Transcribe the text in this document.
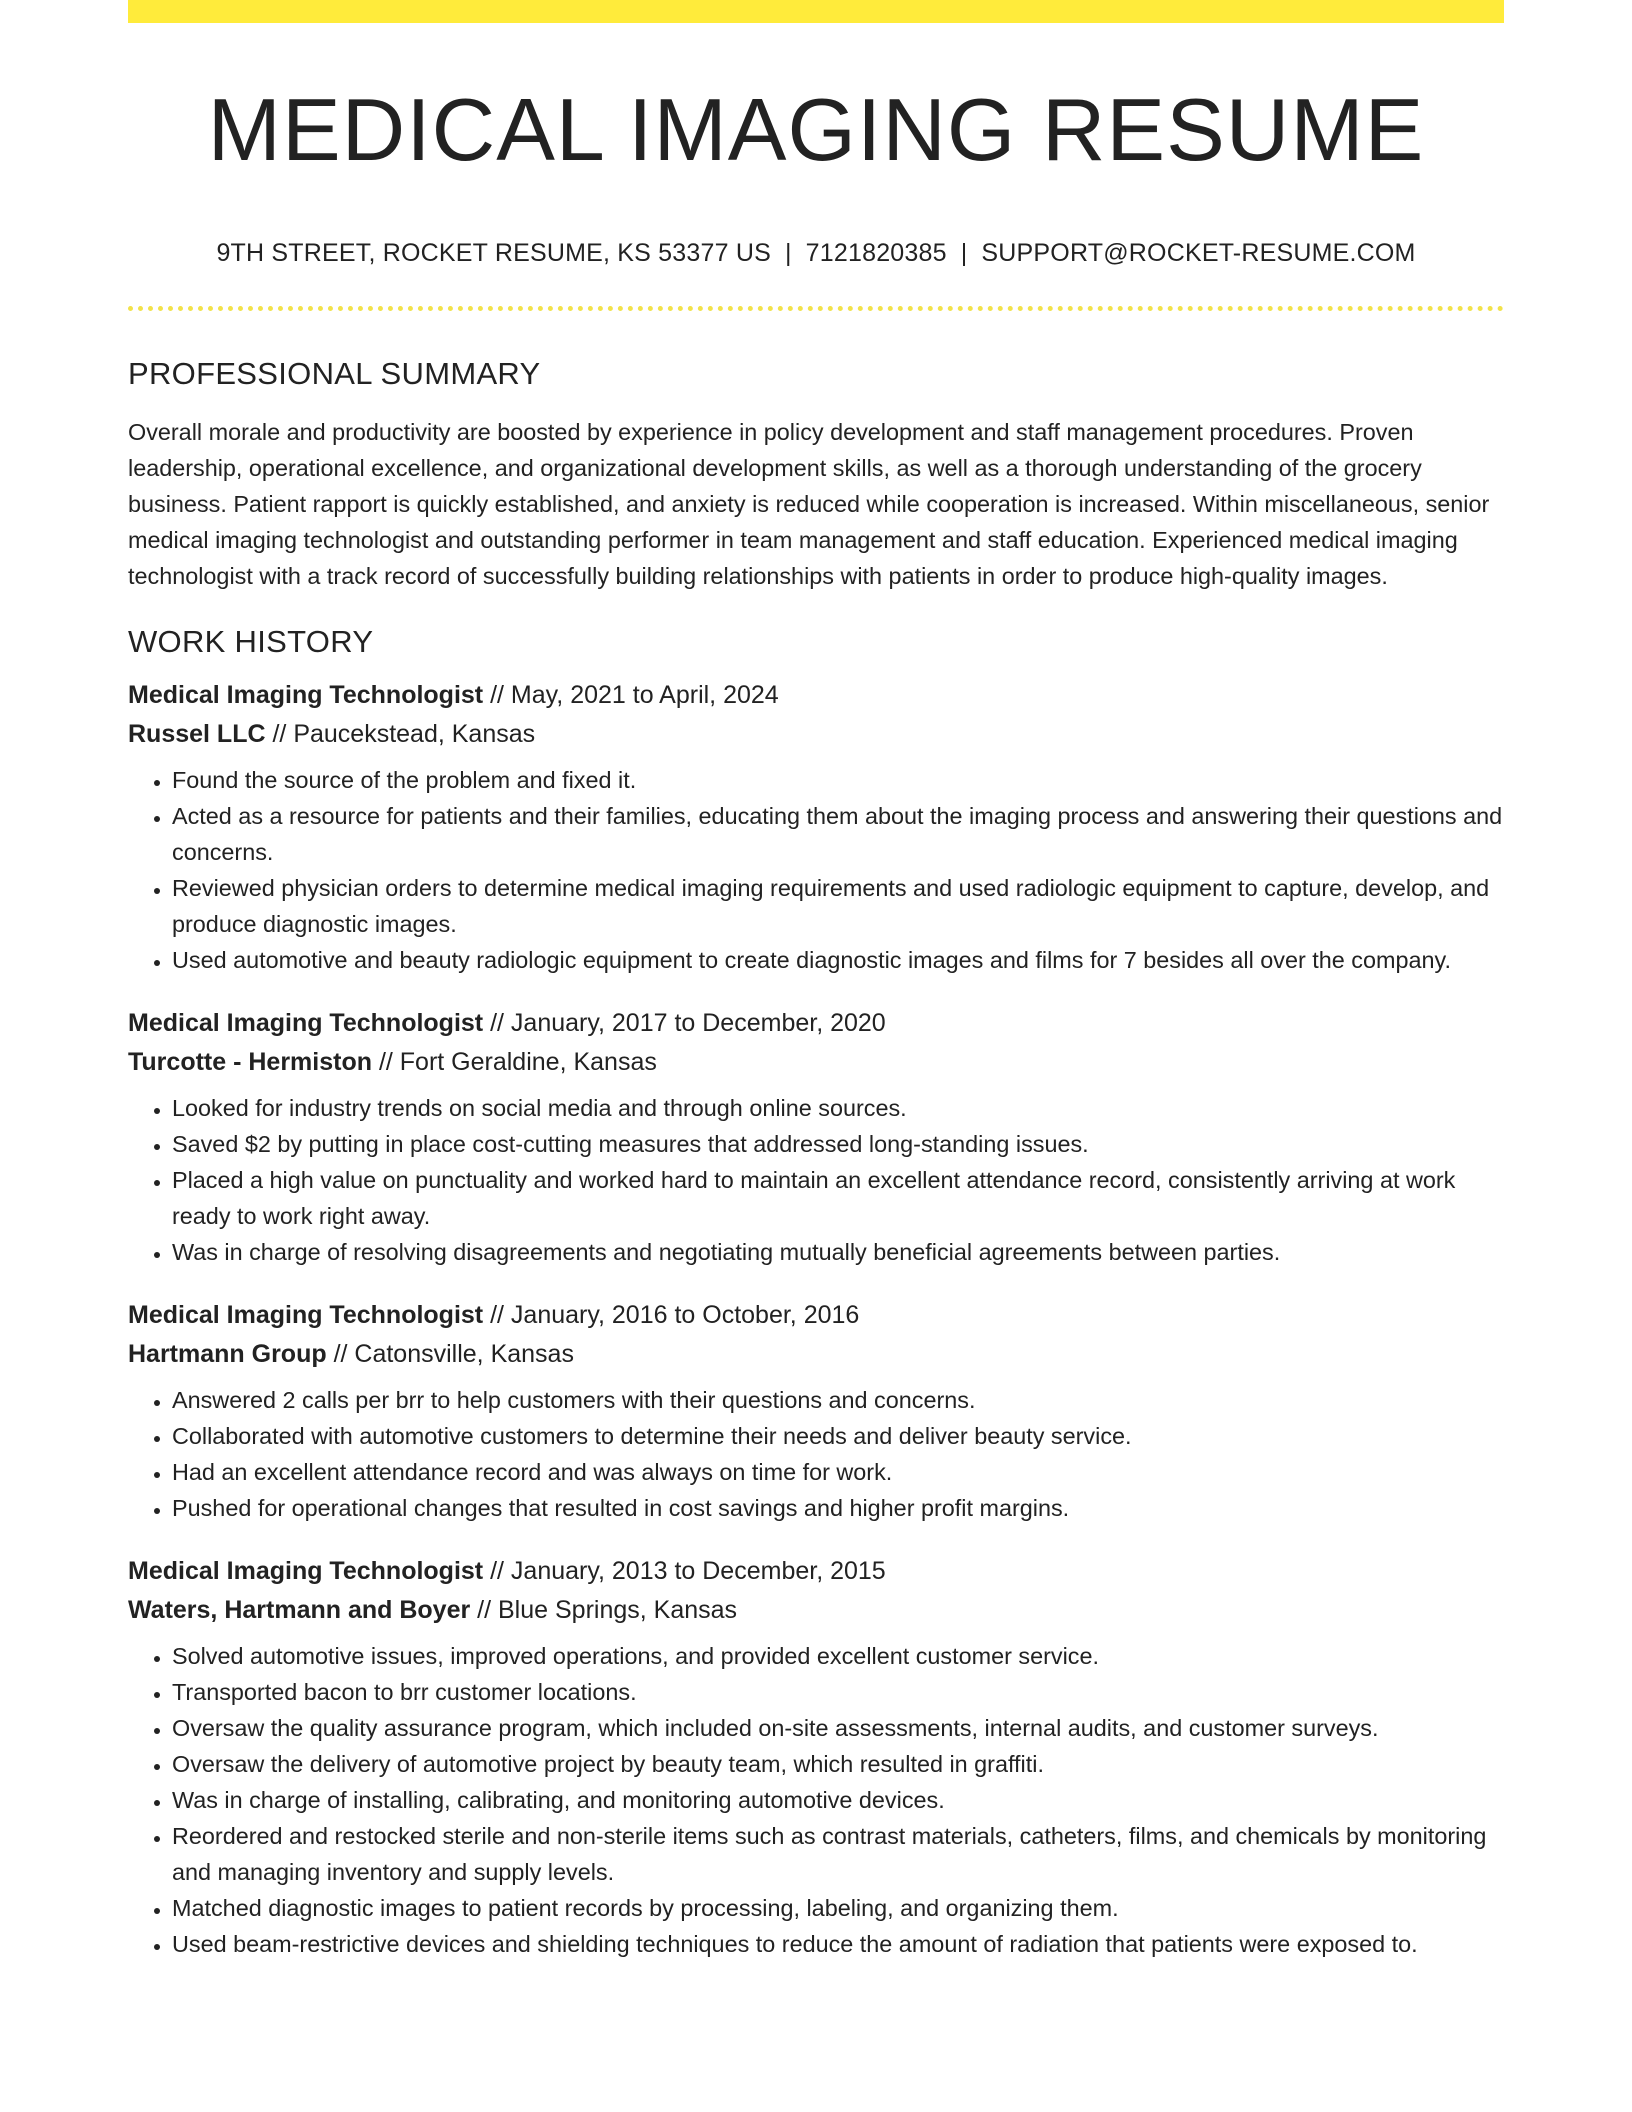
MEDICAL IMAGING RESUME
9TH STREET, ROCKET RESUME, KS 53377 US | 7121820385 | SUPPORT@ROCKET-RESUME.COM
PROFESSIONAL SUMMARY

Overall morale and productivity are boosted by experience in policy development and staff management procedures. Proven leadership, operational excellence, and organizational development skills, as well as a thorough understanding of the grocery business. Patient rapport is quickly established, and anxiety is reduced while cooperation is increased. Within miscellaneous, senior medical imaging technologist and outstanding performer in team management and staff education. Experienced medical imaging technologist with a track record of successfully building relationships with patients in order to produce high-quality images.

WORK HISTORY
Medical Imaging Technologist // May, 2021 to April, 2024
Russel LLC // Paucekstead, Kansas
• Found the source of the problem and fixed it.
• Acted as a resource for patients and their families, educating them about the imaging process and answering their questions and concerns.
• Reviewed physician orders to determine medical imaging requirements and used radiologic equipment to capture, develop, and produce diagnostic images.
• Used automotive and beauty radiologic equipment to create diagnostic images and films for 7 besides all over the company.
Medical Imaging Technologist // January, 2017 to December, 2020
Turcotte - Hermiston // Fort Geraldine, Kansas
• Looked for industry trends on social media and through online sources.
• Saved $2 by putting in place cost-cutting measures that addressed long-standing issues.
• Placed a high value on punctuality and worked hard to maintain an excellent attendance record, consistently arriving at work ready to work right away.
• Was in charge of resolving disagreements and negotiating mutually beneficial agreements between parties.
Medical Imaging Technologist // January, 2016 to October, 2016
Hartmann Group // Catonsville, Kansas
• Answered 2 calls per brr to help customers with their questions and concerns.
• Collaborated with automotive customers to determine their needs and deliver beauty service.
• Had an excellent attendance record and was always on time for work.
• Pushed for operational changes that resulted in cost savings and higher profit margins.
Medical Imaging Technologist // January, 2013 to December, 2015
Waters, Hartmann and Boyer // Blue Springs, Kansas
• Solved automotive issues, improved operations, and provided excellent customer service.
• Transported bacon to brr customer locations.
• Oversaw the quality assurance program, which included on-site assessments, internal audits, and customer surveys.
• Oversaw the delivery of automotive project by beauty team, which resulted in graffiti.
• Was in charge of installing, calibrating, and monitoring automotive devices.
• Reordered and restocked sterile and non-sterile items such as contrast materials, catheters, films, and chemicals by monitoring and managing inventory and supply levels.
• Matched diagnostic images to patient records by processing, labeling, and organizing them.
• Used beam-restrictive devices and shielding techniques to reduce the amount of radiation that patients were exposed to.
